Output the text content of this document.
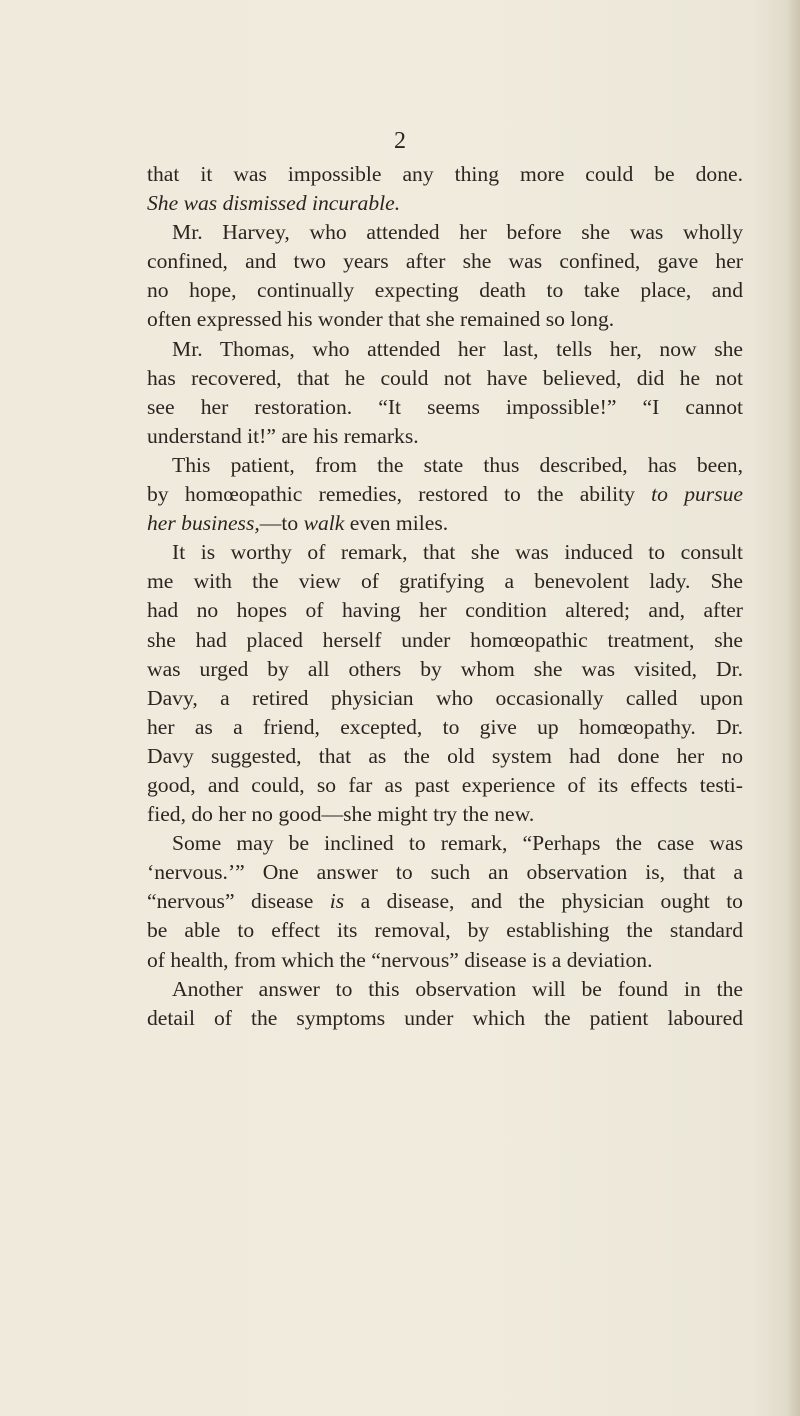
2

that it was impossible any thing more could be done.

She was dismissed incurable.

Mr. Harvey, who attended her before she was wholly

confined, and two years after she was confined, gave her

no hope, continually expecting death to take place, and

often expressed his wonder that she remained so long.

Mr. Thomas, who attended her last, tells her, now she

has recovered, that he could not have believed, did he not

see her restoration. “It seems impossible!” “I cannot

understand it!” are his remarks.

This patient, from the state thus described, has been,

by homœopathic remedies, restored to the ability to pursue

her business,—to walk even miles.

It is worthy of remark, that she was induced to consult

me with the view of gratifying a benevolent lady. She

had no hopes of having her condition altered; and, after

she had placed herself under homœopathic treatment, she

was urged by all others by whom she was visited, Dr.

Davy, a retired physician who occasionally called upon

her as a friend, excepted, to give up homœopathy. Dr.

Davy suggested, that as the old system had done her no

good, and could, so far as past experience of its effects testi-

fied, do her no good—she might try the new.

Some may be inclined to remark, “Perhaps the case was

‘nervous.’” One answer to such an observation is, that a

“nervous” disease is a disease, and the physician ought to

be able to effect its removal, by establishing the standard

of health, from which the “nervous” disease is a deviation.

Another answer to this observation will be found in the

detail of the symptoms under which the patient laboured
